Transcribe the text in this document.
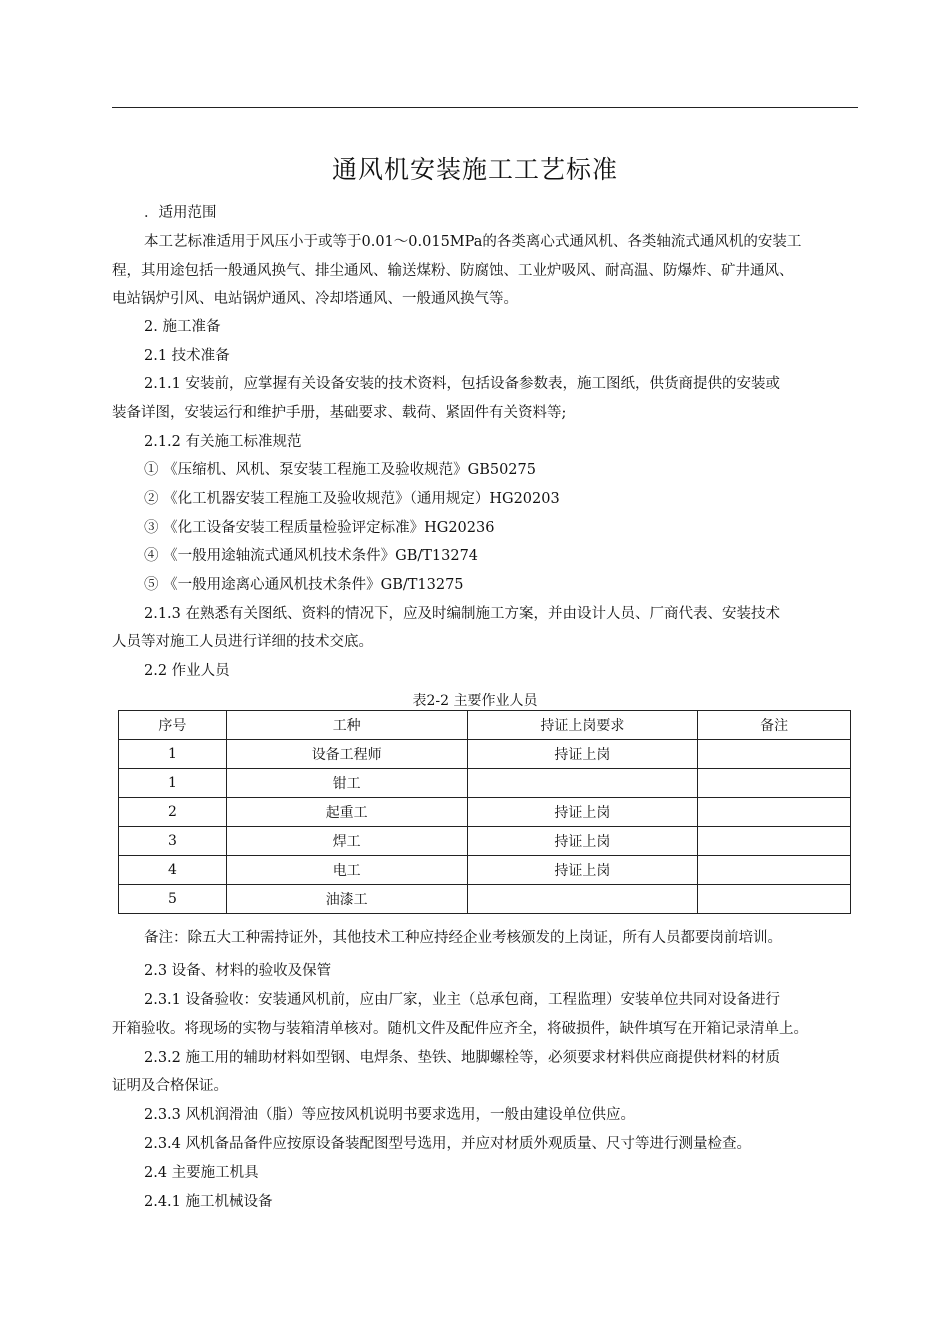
通风机安装施工工艺标准
．适用范围
本工艺标准适用于风压小于或等于0.01～0.015MPa的各类离心式通风机、各类轴流式通风机的安装工
程，其用途包括一般通风换气、排尘通风、输送煤粉、防腐蚀、工业炉吸风、耐高温、防爆炸、矿井通风、
电站锅炉引风、电站锅炉通风、冷却塔通风、一般通风换气等。
2. 施工准备
2.1 技术准备
2.1.1 安装前，应掌握有关设备安装的技术资料，包括设备参数表，施工图纸，供货商提供的安装或
装备详图，安装运行和维护手册，基础要求、载荷、紧固件有关资料等;
2.1.2 有关施工标准规范
① 《压缩机、风机、泵安装工程施工及验收规范》GB50275
② 《化工机器安装工程施工及验收规范》（通用规定）HG20203
③ 《化工设备安装工程质量检验评定标准》HG20236
④ 《一般用途轴流式通风机技术条件》GB/T13274
⑤ 《一般用途离心通风机技术条件》GB/T13275
2.1.3 在熟悉有关图纸、资料的情况下，应及时编制施工方案，并由设计人员、厂商代表、安装技术
人员等对施工人员进行详细的技术交底。
2.2 作业人员
表2-2 主要作业人员
序号	工种	持证上岗要求	备注
1	设备工程师	持证上岗	
1	钳工		
2	起重工	持证上岗	
3	焊工	持证上岗	
4	电工	持证上岗	
5	油漆工		
备注：除五大工种需持证外，其他技术工种应持经企业考核颁发的上岗证，所有人员都要岗前培训。
2.3 设备、材料的验收及保管
2.3.1 设备验收：安装通风机前，应由厂家，业主（总承包商，工程监理）安装单位共同对设备进行
开箱验收。将现场的实物与装箱清单核对。随机文件及配件应齐全，将破损件，缺件填写在开箱记录清单上。
2.3.2 施工用的辅助材料如型钢、电焊条、垫铁、地脚螺栓等，必须要求材料供应商提供材料的材质
证明及合格保证。
2.3.3 风机润滑油（脂）等应按风机说明书要求选用，一般由建设单位供应。
2.3.4 风机备品备件应按原设备装配图型号选用，并应对材质外观质量、尺寸等进行测量检查。
2.4 主要施工机具
2.4.1 施工机械设备
